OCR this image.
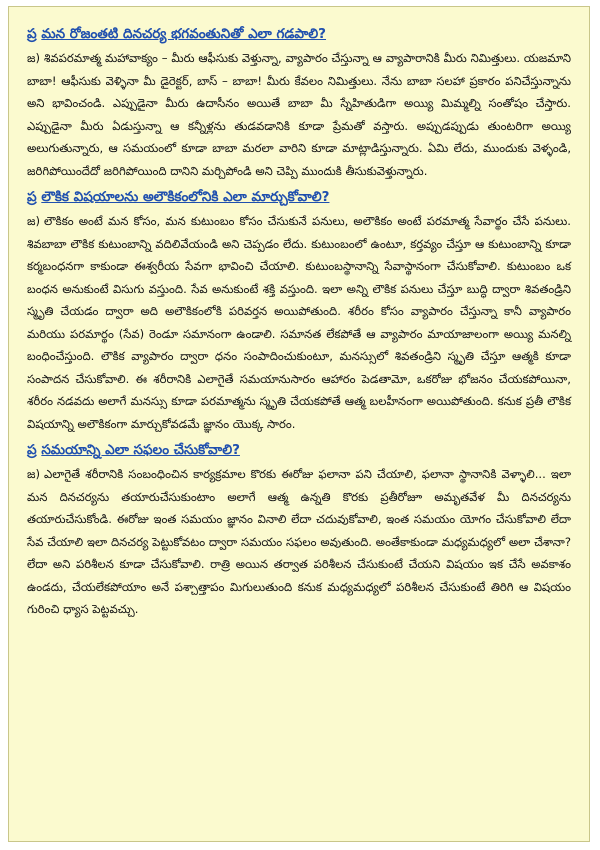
ప్ర మన రోజంతటి దినచర్య భగవంతునితో ఎలా గడపాలి?

జ) శివపరమాత్మ మహావాక్యం – మీరు ఆఫీసుకు వెళ్తున్నా, వ్యాపారం చేస్తున్నా ఆ వ్యాపారానికి మీరు నిమిత్తులు. యజమాని బాబా! ఆఫీసుకు వెళ్ళినా మీ డైరెక్టర్, బాస్ – బాబా! మీరు కేవలం నిమిత్తులు. నేను బాబా సలహా ప్రకారం పనిచేస్తున్నాను అని భావించండి. ఎప్పుడైనా మీరు ఉదాసీనం అయితే బాబా మీ స్నేహితుడిగా అయ్యి మిమ్మల్ని సంతోషం చేస్తారు. ఎప్పుడైనా మీరు ఏడుస్తున్నా ఆ కన్నీళ్లను తుడవడానికి కూడా ప్రేమతో వస్తారు. అప్పుడప్పుడు తుంటరిగా అయ్యి అలుగుతున్నారు, ఆ సమయంలో కూడా బాబా మరలా వారిని కూడా మాట్లాడిస్తున్నారు. ఏమి లేదు, ముందుకు వెళ్ళండి, జరిగిపోయిందేదో జరిగిపోయింది దానిని మర్చిపోండి అని చెప్పి ముందుకి తీసుకువెళ్తున్నారు.

ప్ర లౌకిక విషయాలను అలౌకికంలోనికి ఎలా మార్చుకోవాలి?

జ) లౌకికం అంటే మన కోసం, మన కుటుంబం కోసం చేసుకునే పనులు, అలౌకికం అంటే పరమాత్మ సేవార్థం చేసే పనులు. శివబాబా లౌకిక కుటుంబాన్ని వదిలివేయండి అని చెప్పడం లేదు. కుటుంబంలో ఉంటూ, కర్తవ్యం చేస్తూ ఆ కుటుంబాన్ని కూడా కర్మబంధనగా కాకుండా ఈశ్వరీయ సేవగా భావించి చేయాలి. కుటుంబస్థానాన్ని సేవాస్థానంగా చేసుకోవాలి. కుటుంబం ఒక బంధన అనుకుంటే విసుగు వస్తుంది. సేవ అనుకుంటే శక్తి వస్తుంది. ఇలా అన్ని లౌకిక పనులు చేస్తూ బుద్ధి ద్వారా శివతండ్రిని స్మృతి చేయడం ద్వారా అది అలౌకికంలోకి పరివర్తన అయిపోతుంది. శరీరం కోసం వ్యాపారం చేస్తున్నా కానీ వ్యాపారం మరియు పరమార్థం (సేవ) రెండూ సమానంగా ఉండాలి. సమానత లేకపోతే ఆ వ్యాపారం మాయాజాలంగా అయ్యి మనల్ని బంధించేస్తుంది. లౌకిక వ్యాపారం ద్వారా ధనం సంపాదించుకుంటూ, మనస్సులో శివతండ్రిని స్మృతి చేస్తూ ఆత్మకి కూడా సంపాదన చేసుకోవాలి. ఈ శరీరానికి ఎలాగైతే సమయానుసారం ఆహారం పెడతామో, ఒకరోజు భోజనం చేయకపోయినా, శరీరం నడవదు అలాగే మనస్సు కూడా పరమాత్మను స్మృతి చేయకపోతే ఆత్మ బలహీనంగా అయిపోతుంది. కనుక ప్రతీ లౌకిక విషయాన్ని అలౌకికంగా మార్చుకోవడమే జ్ఞానం యొక్క సారం.

ప్ర సమయాన్ని ఎలా సఫలం చేసుకోవాలి?

జ) ఎలాగైతే శరీరానికి సంబంధించిన కార్యక్రమాల కొరకు ఈరోజు ఫలానా పని చేయాలి, ఫలానా స్థానానికి వెళ్ళాలి... ఇలా మన దినచర్యను తయారుచేసుకుంటాం అలాగే ఆత్మ ఉన్నతి కొరకు ప్రతీరోజూ అమృతవేళ మీ దినచర్యను తయారుచేసుకోండి. ఈరోజు ఇంత సమయం జ్ఞానం వినాలి లేదా చదువుకోవాలి, ఇంత సమయం యోగం చేసుకోవాలి లేదా సేవ చేయాలి ఇలా దినచర్య పెట్టుకోవటం ద్వారా సమయం సఫలం అవుతుంది. అంతేకాకుండా మధ్యమధ్యలో అలా చేశానా? లేదా అని పరిశీలన కూడా చేసుకోవాలి. రాత్రి అయిన తర్వాత పరిశీలన చేసుకుంటే చేయని విషయం ఇక చేసే అవకాశం ఉండదు, చేయలేకపోయాం అనే పశ్చాత్తాపం మిగులుతుంది కనుక మధ్యమధ్యలో పరిశీలన చేసుకుంటే తిరిగి ఆ విషయం గురించి ధ్యాస పెట్టవచ్చు.
